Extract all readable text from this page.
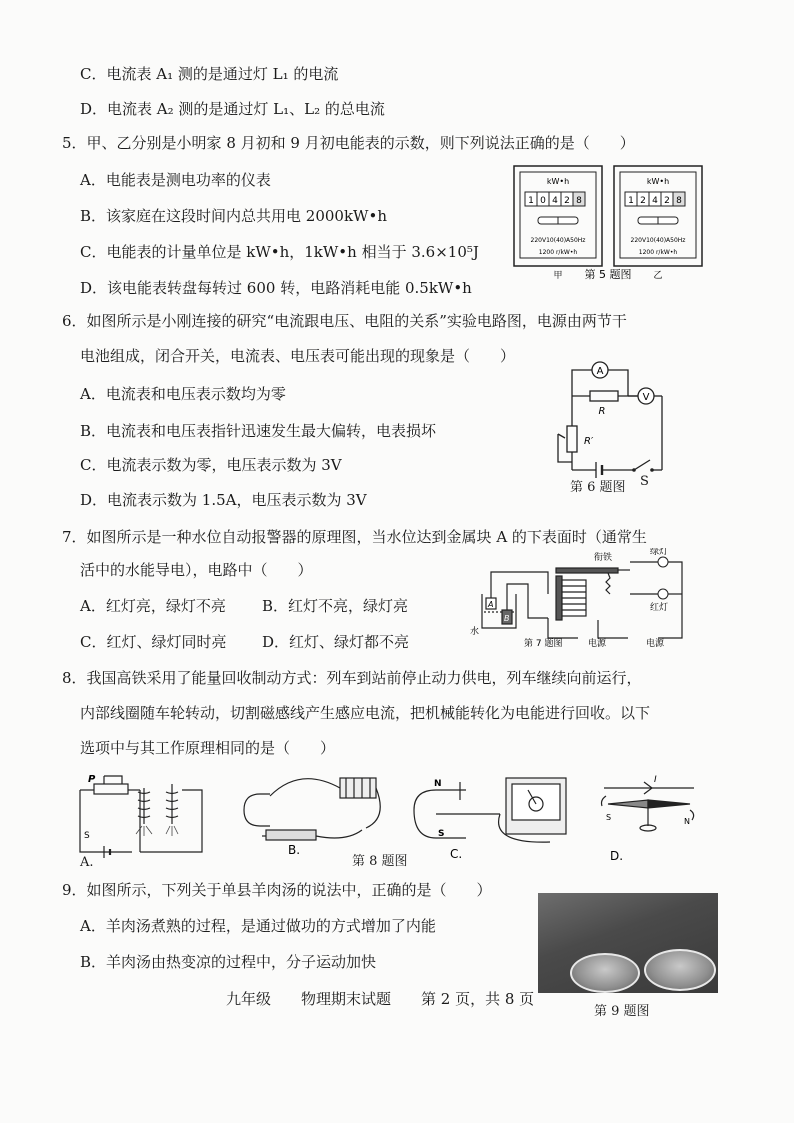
C．电流表 A₁ 测的是通过灯 L₁ 的电流
D．电流表 A₂ 测的是通过灯 L₁、L₂ 的总电流
5．甲、乙分别是小明家 8 月初和 9 月初电能表的示数，则下列说法正确的是（　　）
A．电能表是测电功率的仪表
B．该家庭在这段时间内总共用电 2000kW•h
C．电能表的计量单位是 kW•h，1kW•h 相当于 3.6×10⁵J
D．该电能表转盘每转过 600 转，电路消耗电能 0.5kW•h
kW•h
1 0 4 2 8
220V10(40)A50Hz
1200 r/kW•h
kW•h
1 2 4 2 8
220V10(40)A50Hz
1200 r/kW•h
甲	乙
第 5 题图
6．如图所示是小刚连接的研究“电流跟电压、电阻的关系”实验电路图，电源由两节干
电池组成，闭合开关，电流表、电压表可能出现的现象是（　　）
A．电流表和电压表示数均为零
B．电流表和电压表指针迅速发生最大偏转，电表损坏
C．电流表示数为零，电压表示数为 3V
D．电流表示数为 1.5A，电压表示数为 3V
A
V
R
R′
第 6 题图 S
7．如图所示是一种水位自动报警器的原理图，当水位达到金属块 A 的下表面时（通常生
活中的水能导电），电路中（　　）
A．红灯亮，绿灯不亮 B．红灯不亮，绿灯亮
C．红灯、绿灯同时亮 D．红灯、绿灯都不亮
衔铁
绿灯
红灯
水
A
B
电源	电源
第 7 题图
8．我国高铁采用了能量回收制动方式：列车到站前停止动力供电，列车继续向前运行，
内部线圈随车轮转动，切割磁感线产生感应电流，把机械能转化为电能进行回收。以下
选项中与其工作原理相同的是（　　）
P
S
A.
B.
第 8 题图
N
S
C.
I
S	N
D.
9．如图所示，下列关于单县羊肉汤的说法中，正确的是（　　）
A．羊肉汤煮熟的过程，是通过做功的方式增加了内能
B．羊肉汤由热变凉的过程中，分子运动加快
第 9 题图
九年级　　物理期末试题　　第 2 页，共 8 页
